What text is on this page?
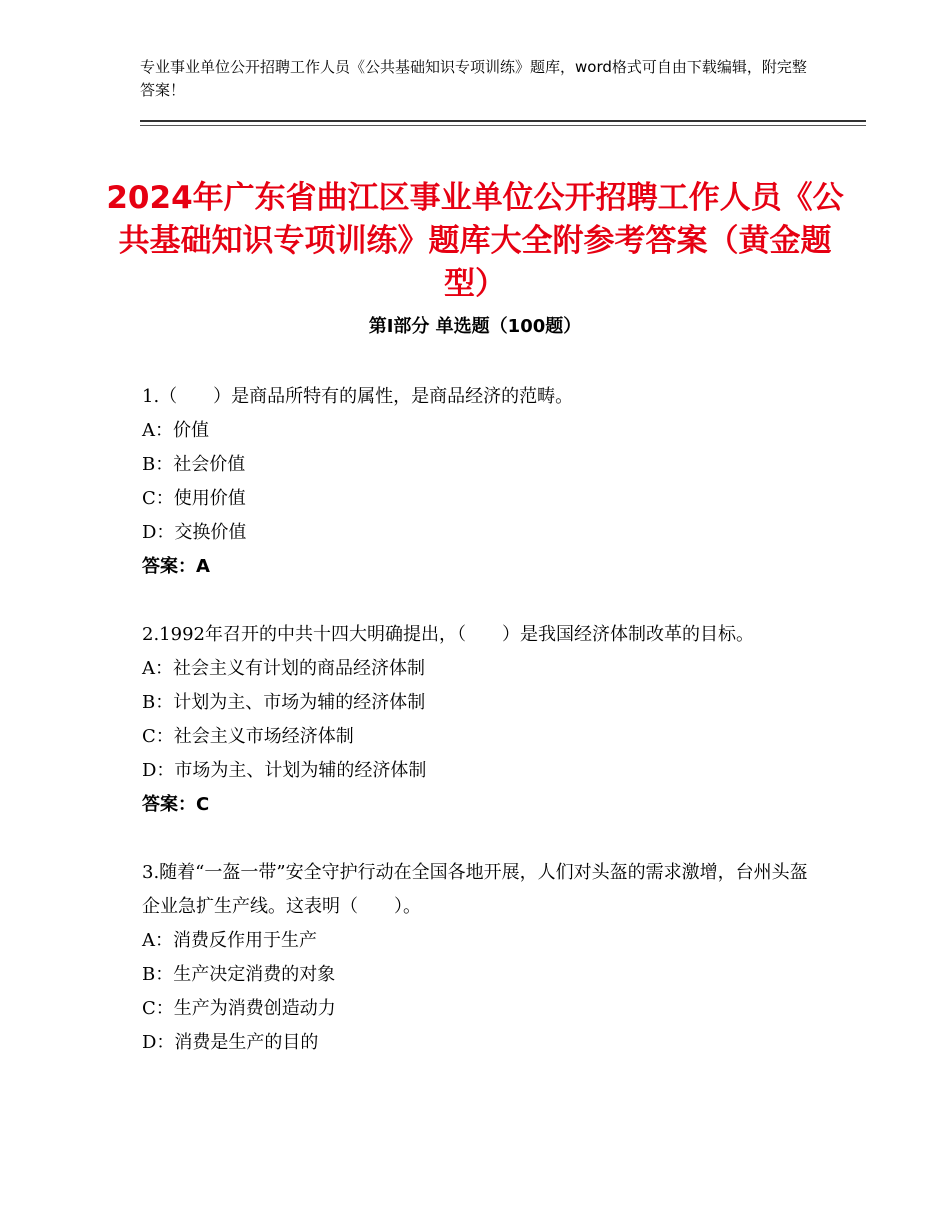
专业事业单位公开招聘工作人员《公共基础知识专项训练》题库，word格式可自由下载编辑，附完整答案！
2024年广东省曲江区事业单位公开招聘工作人员《公共基础知识专项训练》题库大全附参考答案（黄金题型）
第Ⅰ部分 单选题（100题）

1.（　　）是商品所特有的属性，是商品经济的范畴。

A：价值

B：社会价值

C：使用价值

D：交换价值

答案：A

2.1992年召开的中共十四大明确提出，（　　）是我国经济体制改革的目标。

A：社会主义有计划的商品经济体制

B：计划为主、市场为辅的经济体制

C：社会主义市场经济体制

D：市场为主、计划为辅的经济体制

答案：C

3.随着“一盔一带”安全守护行动在全国各地开展，人们对头盔的需求激增，台州头盔企业急扩生产线。这表明（　　）。

A：消费反作用于生产

B：生产决定消费的对象

C：生产为消费创造动力

D：消费是生产的目的
